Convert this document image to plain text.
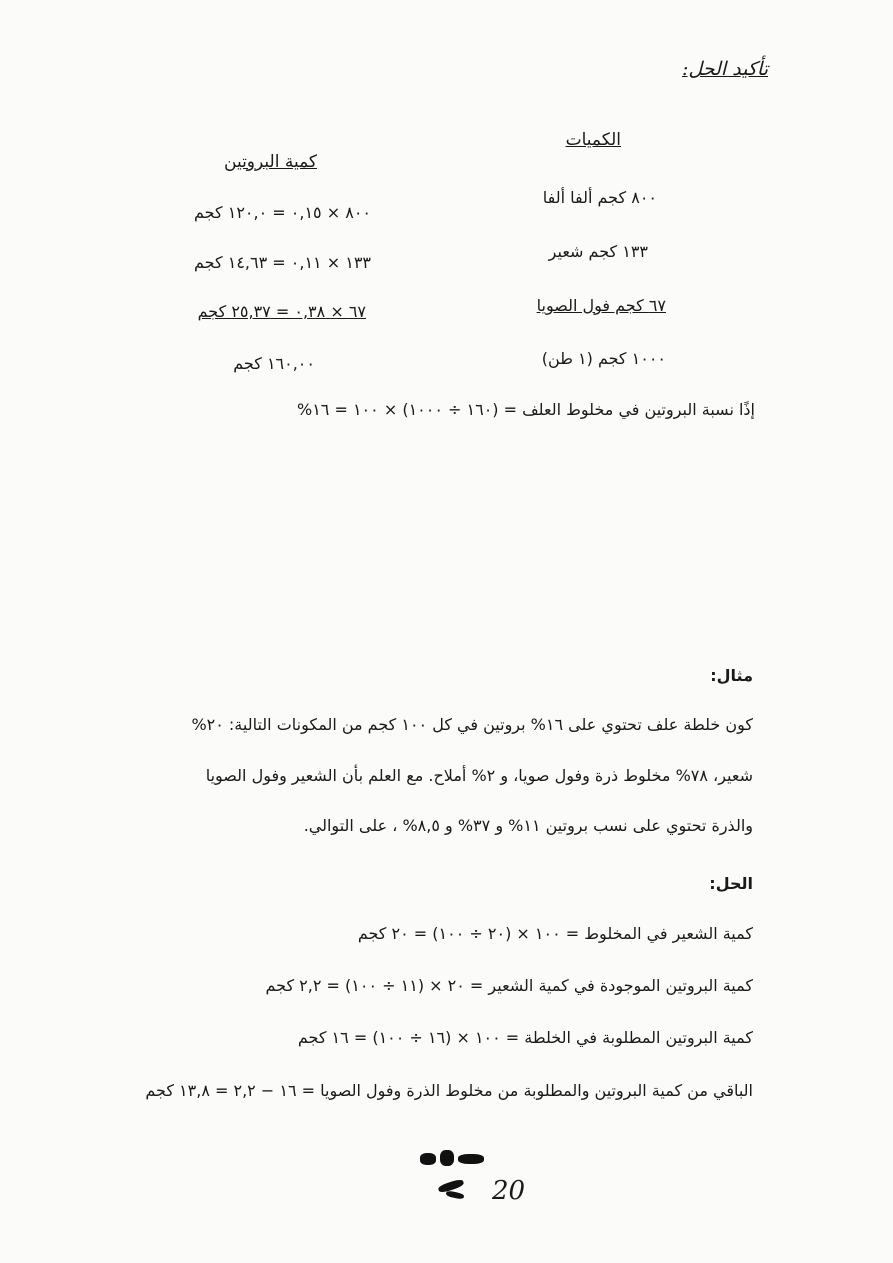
تأكيد الحل:
الكميات
كمية البروتين
٨٠٠ كجم ألفا ألفا
٨٠٠ × ٠,١٥ = ١٢٠,٠ كجم
١٣٣ كجم شعير
١٣٣ × ٠,١١ = ١٤,٦٣ كجم
٦٧ كجم فول الصويا
٦٧ × ٠,٣٨ = ٢٥,٣٧ كجم
١٠٠٠ كجم (١ طن)
١٦٠,٠٠ كجم
إذًا نسبة البروتين في مخلوط العلف = (١٦٠ ÷ ١٠٠٠) × ١٠٠ = ١٦%
مثال:
كون خلطة علف تحتوي على ١٦% بروتين في كل ١٠٠ كجم من المكونات التالية: ٢٠%
شعير، ٧٨% مخلوط ذرة وفول صويا، و ٢% أملاح. مع العلم بأن الشعير وفول الصويا
والذرة تحتوي على نسب بروتين ١١% و ٣٧% و ٨,٥% ، على التوالي.
الحل:
كمية الشعير في المخلوط = ١٠٠ × (٢٠ ÷ ١٠٠) = ٢٠ كجم
كمية البروتين الموجودة في كمية الشعير = ٢٠ × (١١ ÷ ١٠٠) = ٢,٢ كجم
كمية البروتين المطلوبة في الخلطة = ١٠٠ × (١٦ ÷ ١٠٠) = ١٦ كجم
الباقي من كمية البروتين والمطلوبة من مخلوط الذرة وفول الصويا = ١٦ − ٢,٢ = ١٣,٨ كجم
20
